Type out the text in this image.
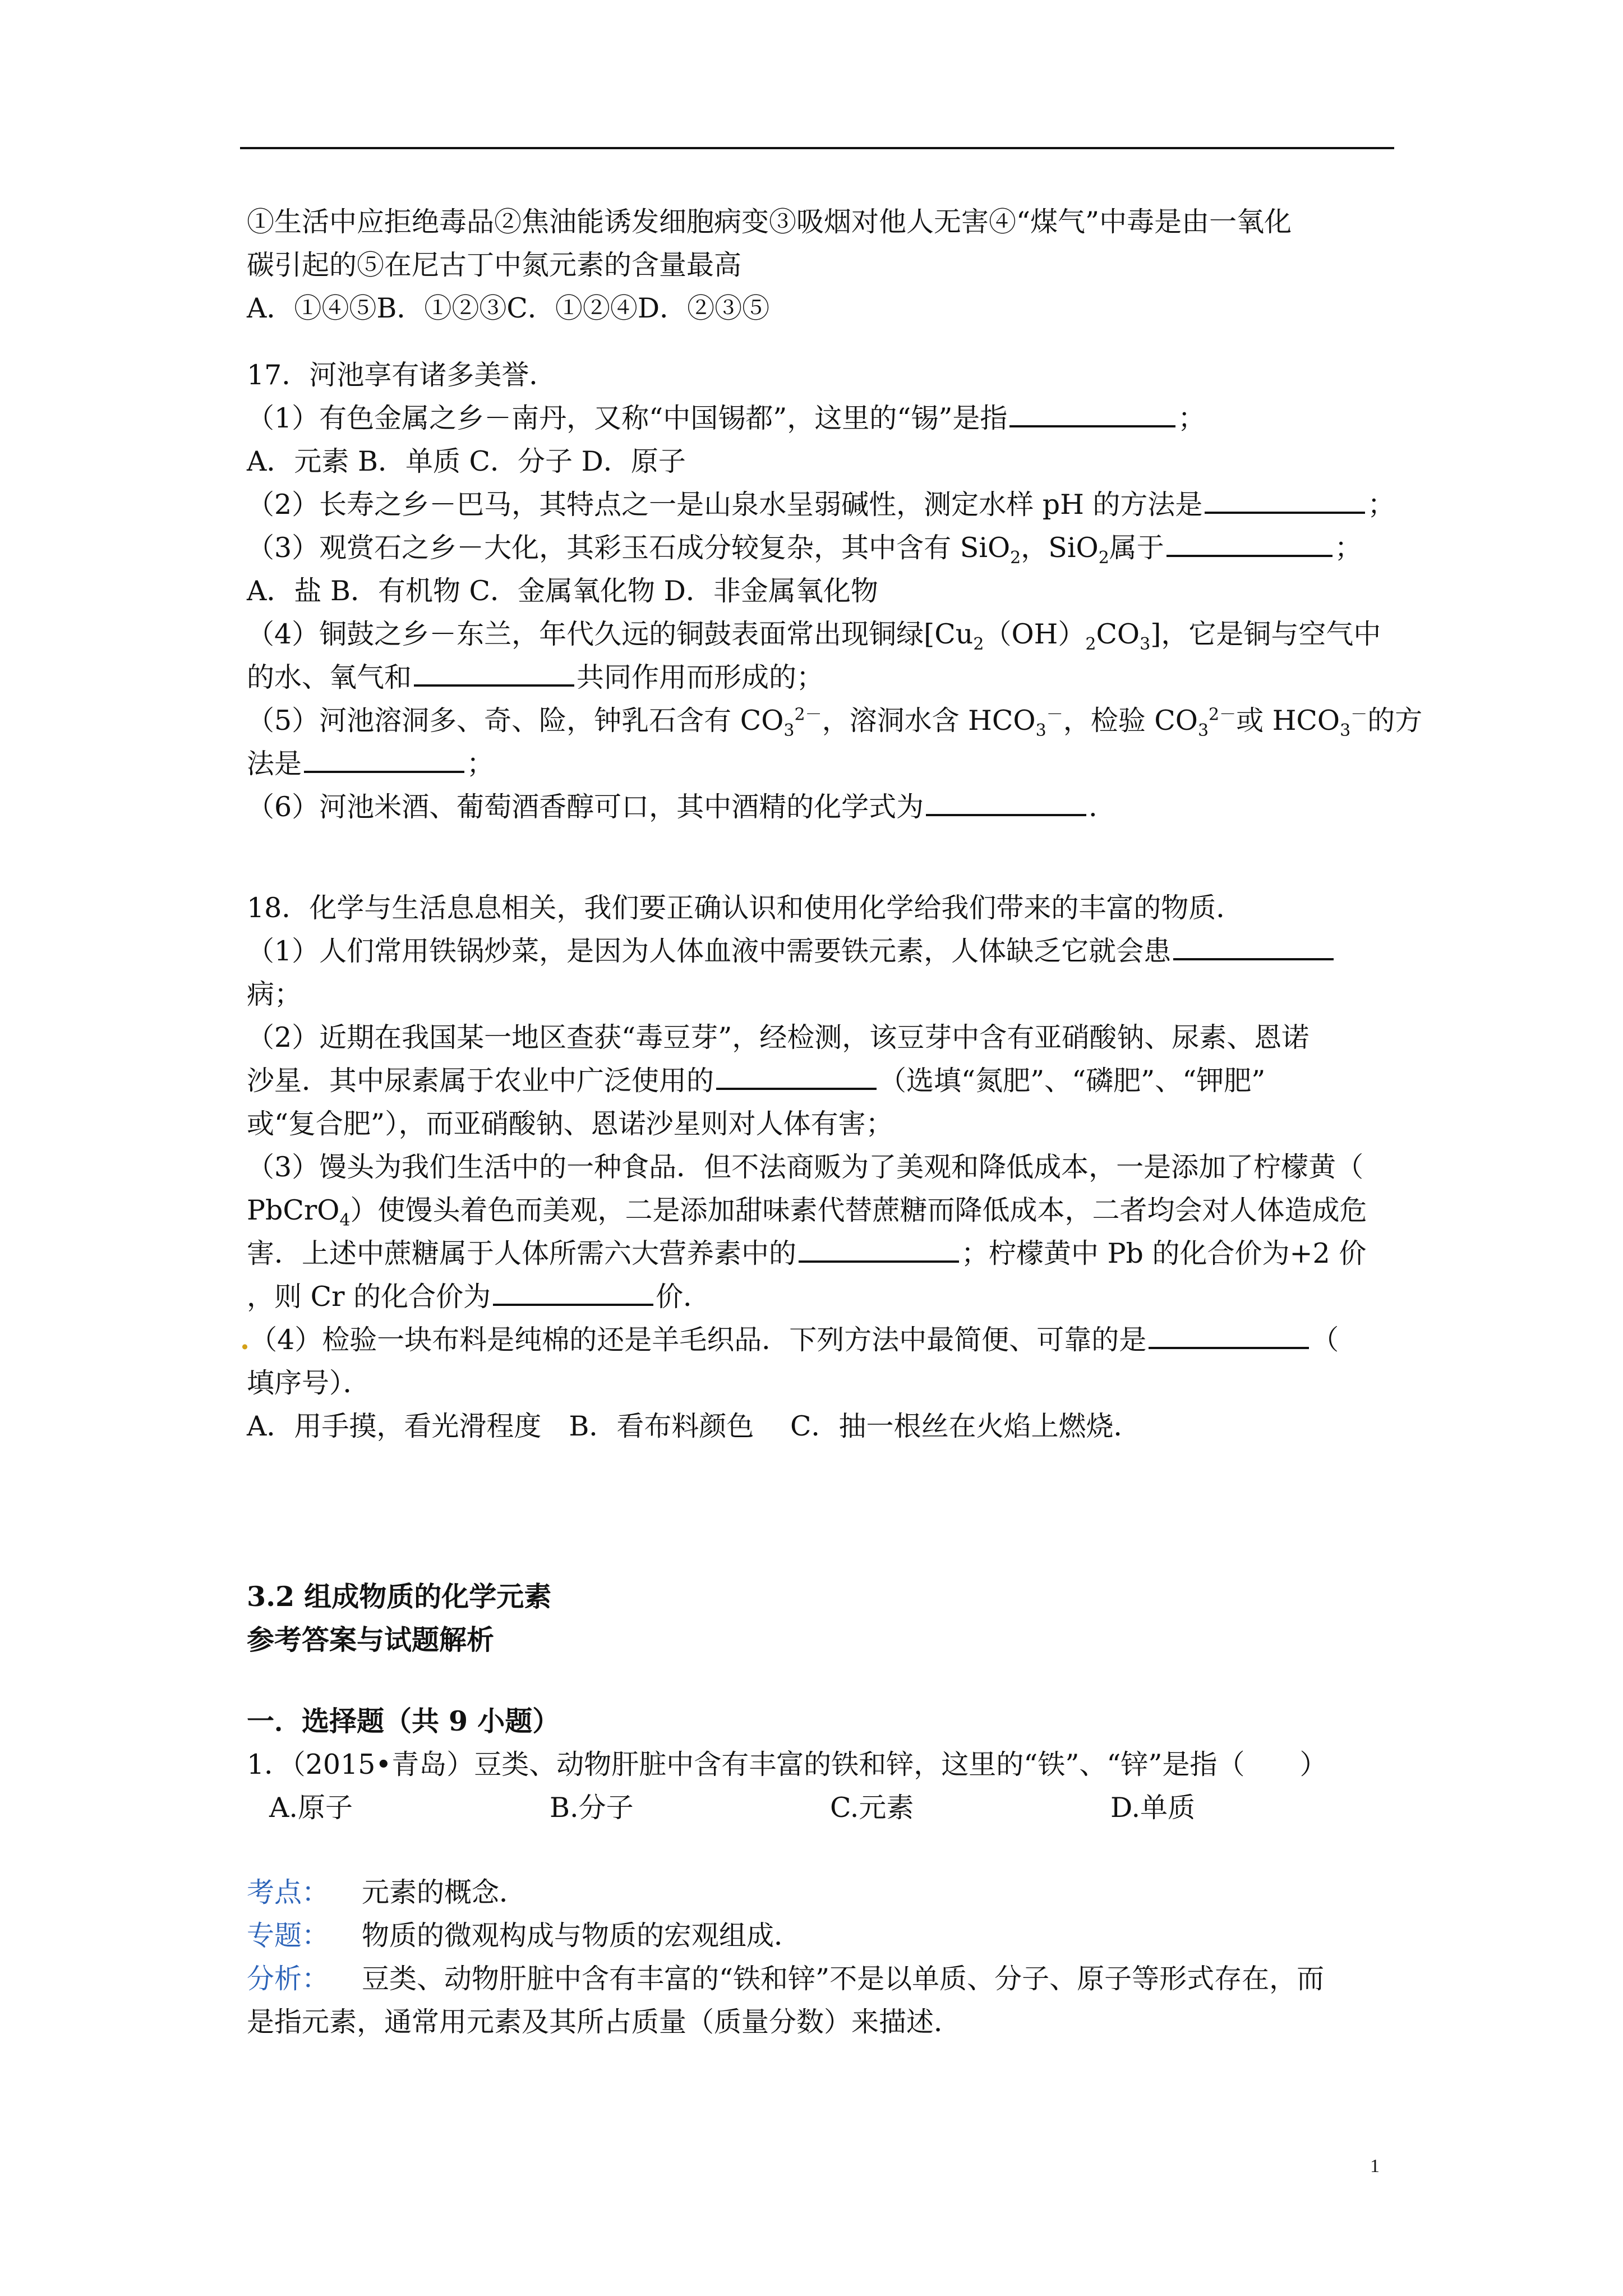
①生活中应拒绝毒品②焦油能诱发细胞病变③吸烟对他人无害④“煤气”中毒是由一氧化
碳引起的⑤在尼古丁中氮元素的含量最高
A．①④⑤B．①②③C．①②④D．②③⑤
17．河池享有诸多美誉．
（1）有色金属之乡－南丹，又称“中国锡都”，这里的“锡”是指	；
A．元素 B．单质 C．分子 D．原子
（2）长寿之乡－巴马，其特点之一是山泉水呈弱碱性，测定水样 pH 的方法是	；
（3）观赏石之乡－大化，其彩玉石成分较复杂，其中含有 SiO$_2$，SiO$_2$属于	；
A．盐 B．有机物 C．金属氧化物 D．非金属氧化物
（4）铜鼓之乡－东兰，年代久远的铜鼓表面常出现铜绿$[Cu_2(OH)_2CO_3]$，它是铜与空气中
的水、氧气和	共同作用而形成的；
（5）河池溶洞多、奇、险，钟乳石含有 $CO_3^{2-}$，溶洞水含 $HCO_3^-$，检验 $CO_3^{2-}$或 $HCO_3^-$的方
法是	；
（6）河池米酒、葡萄酒香醇可口，其中酒精的化学式为	．
18．化学与生活息息相关，我们要正确认识和使用化学给我们带来的丰富的物质．
（1）人们常用铁锅炒菜，是因为人体血液中需要铁元素，人体缺乏它就会患
病；
（2）近期在我国某一地区查获“毒豆芽”，经检测，该豆芽中含有亚硝酸钠、尿素、恩诺
沙星．其中尿素属于农业中广泛使用的	（选填“氮肥”、“磷肥”、“钾肥”
或“复合肥”），而亚硝酸钠、恩诺沙星则对人体有害；
（3）馒头为我们生活中的一种食品．但不法商贩为了美观和降低成本，一是添加了柠檬黄（
PbCrO$_4$）使馒头着色而美观，二是添加甜味素代替蔗糖而降低成本，二者均会对人体造成危
害．上述中蔗糖属于人体所需六大营养素中的	；柠檬黄中 Pb 的化合价为+2 价
，则 Cr 的化合价为	价．
.（4）检验一块布料是纯棉的还是羊毛织品．下列方法中最简便、可靠的是	（
填序号）．
A．用手摸，看光滑程度　B．看布料颜色　 C．抽一根丝在火焰上燃烧．
3.2 组成物质的化学元素
参考答案与试题解析
一．选择题（共 9 小题）
1．（2015•青岛）豆类、动物肝脏中含有丰富的铁和锌，这里的“铁”、“锌”是指（　　）
A.原子	B.分子	C.元素	D.单质
考点： 元素的概念．
专题： 物质的微观构成与物质的宏观组成．
分析： 豆类、动物肝脏中含有丰富的“铁和锌”不是以单质、分子、原子等形式存在，而
是指元素，通常用元素及其所占质量（质量分数）来描述．
1
